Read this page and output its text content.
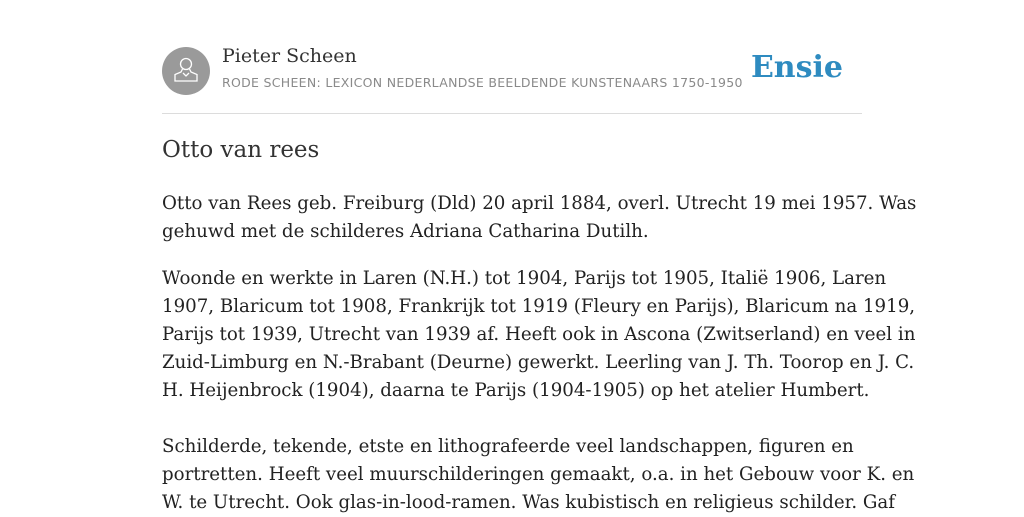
Pieter Scheen
RODE SCHEEN: LEXICON NEDERLANDSE BEELDENDE KUNSTENAARS 1750-1950 Ensie
Otto van rees

Otto van Rees geb. Freiburg (Dld) 20 april 1884, overl. Utrecht 19 mei 1957. Was
gehuwd met de schilderes Adriana Catharina Dutilh.

Woonde en werkte in Laren (N.H.) tot 1904, Parijs tot 1905, Italië 1906, Laren
1907, Blaricum tot 1908, Frankrijk tot 1919 (Fleury en Parijs), Blaricum na 1919,
Parijs tot 1939, Utrecht van 1939 af. Heeft ook in Ascona (Zwitserland) en veel in
Zuid-Limburg en N.-Brabant (Deurne) gewerkt. Leerling van J. Th. Toorop en J. C.
H. Heijenbrock (1904), daarna te Parijs (1904-1905) op het atelier Humbert.

Schilderde, tekende, etste en lithografeerde veel landschappen, figuren en
portretten. Heeft veel muurschilderingen gemaakt, o.a. in het Gebouw voor K. en
W. te Utrecht. Ook glas-in-lood-ramen. Was kubistisch en religieus schilder. Gaf
